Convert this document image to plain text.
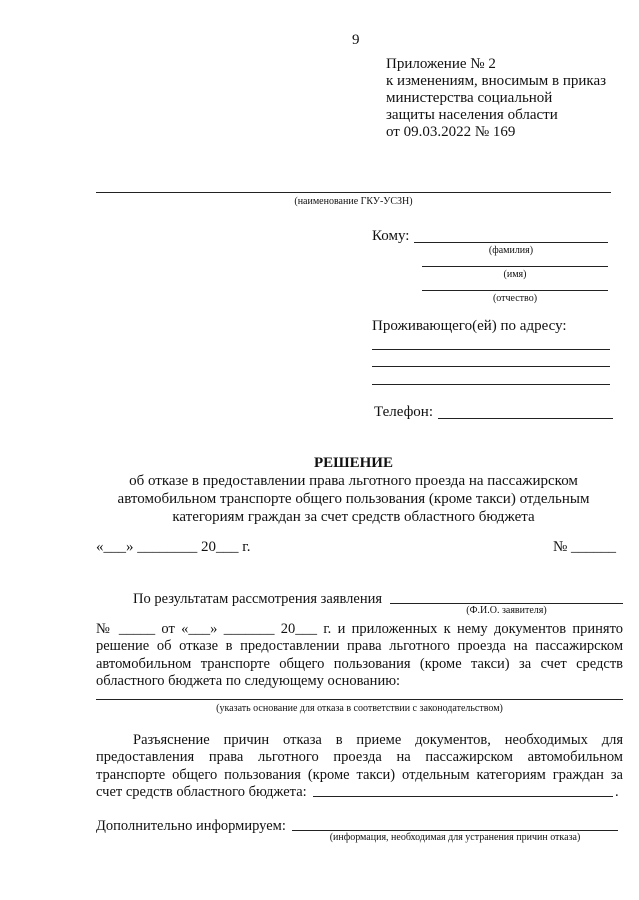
9
Приложение № 2
к изменениям, вносимым в приказ
министерства социальной
защиты населения области
от 09.03.2022 № 169
(наименование ГКУ-УСЗН)
Кому:
(фамилия)
(имя)
(отчество)
Проживающего(ей) по адресу:
Телефон:
РЕШЕНИЕ
об отказе в предоставлении права льготного проезда на пассажирском
автомобильном транспорте общего пользования (кроме такси) отдельным
категориям граждан за счет средств областного бюджета
«___» ________ 20___ г.	№ ______
По результатам рассмотрения заявления
(Ф.И.О. заявителя)
№ _____ от «___» _______ 20___ г. и приложенных к нему документов принято
решение об отказе в предоставлении права льготного проезда на пассажирском
автомобильном транспорте общего пользования (кроме такси) за счет средств
областного бюджета по следующему основанию:
(указать основание для отказа в соответствии с законодательством)
Разъяснение причин отказа в приеме документов, необходимых для
предоставления права льготного проезда на пассажирском автомобильном
транспорте общего пользования (кроме такси) отдельным категориям граждан за
счет средств областного бюджета:	.
Дополнительно информируем:
(информация, необходимая для устранения причин отказа)
